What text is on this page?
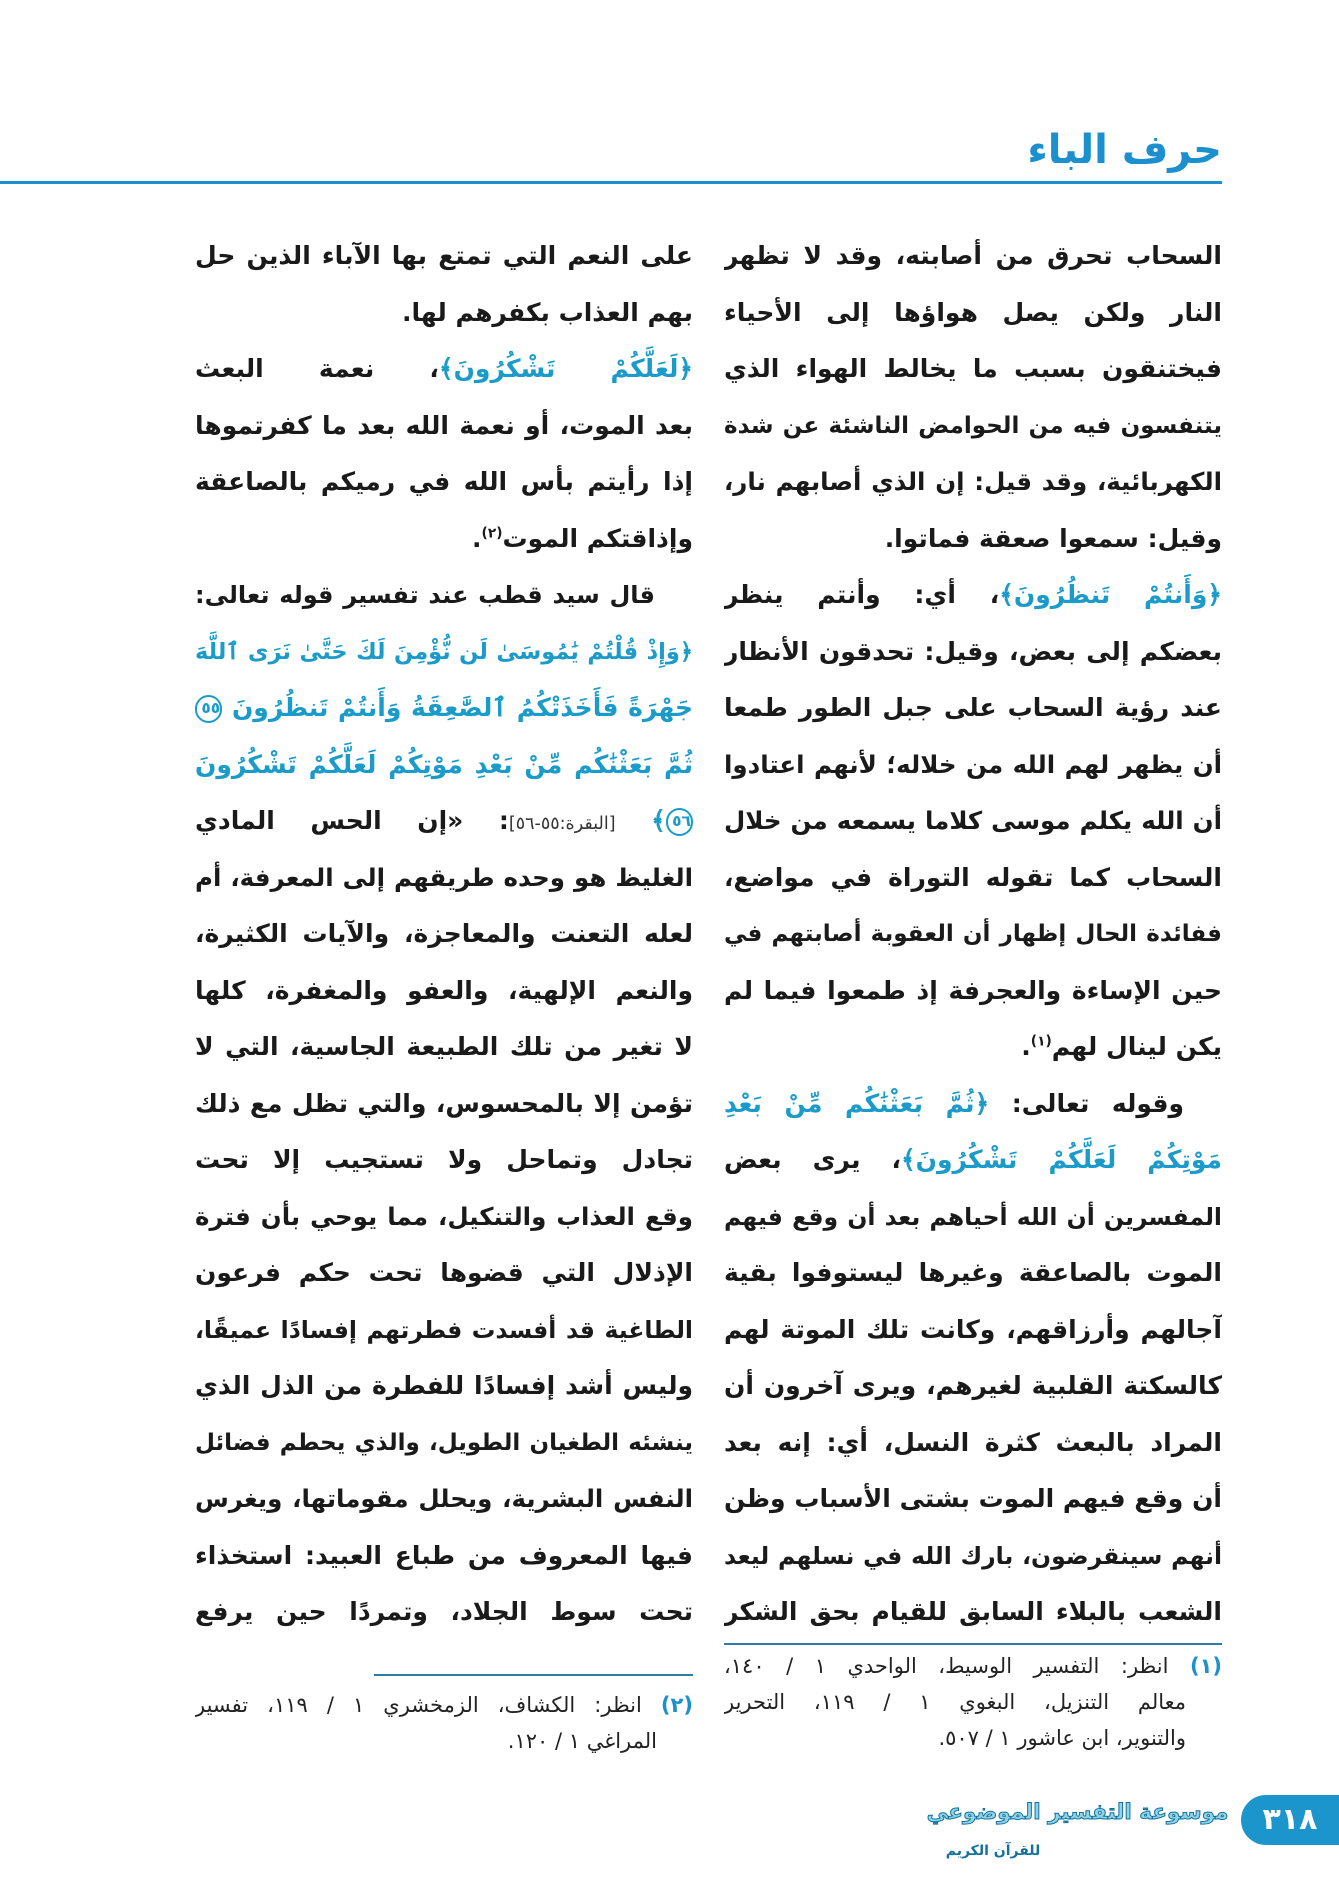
حرف الباء
السحاب تحرق من أصابته، وقد لا تظهر
النار ولكن يصل هواؤها إلى الأحياء
فيختنقون بسبب ما يخالط الهواء الذي
يتنفسون فيه من الحوامض الناشئة عن شدة
الكهربائية، وقد قيل: إن الذي أصابهم نار،
وقيل: سمعوا صعقة فماتوا.
﴿وَأَنتُمْ تَنظُرُونَ﴾، أي: وأنتم ينظر
بعضكم إلى بعض، وقيل: تحدقون الأنظار
عند رؤية السحاب على جبل الطور طمعا
أن يظهر لهم الله من خلاله؛ لأنهم اعتادوا
أن الله يكلم موسى كلاما يسمعه من خلال
السحاب كما تقوله التوراة في مواضع،
ففائدة الحال إظهار أن العقوبة أصابتهم في
حين الإساءة والعجرفة إذ طمعوا فيما لم
يكن لينال لهم$^{(١)}$.
وقوله تعالى: ﴿ثُمَّ بَعَثْنَٰكُم مِّنْ بَعْدِ
مَوْتِكُمْ لَعَلَّكُمْ تَشْكُرُونَ﴾، يرى بعض
المفسرين أن الله أحياهم بعد أن وقع فيهم
الموت بالصاعقة وغيرها ليستوفوا بقية
آجالهم وأرزاقهم، وكانت تلك الموتة لهم
كالسكتة القلبية لغيرهم، ويرى آخرون أن
المراد بالبعث كثرة النسل، أي: إنه بعد
أن وقع فيهم الموت بشتى الأسباب وظن
أنهم سينقرضون، بارك الله في نسلهم ليعد
الشعب بالبلاء السابق للقيام بحق الشكر
على النعم التي تمتع بها الآباء الذين حل
بهم العذاب بكفرهم لها.
﴿لَعَلَّكُمْ تَشْكُرُونَ﴾، نعمة البعث
بعد الموت، أو نعمة الله بعد ما كفرتموها
إذا رأيتم بأس الله في رميكم بالصاعقة
وإذاقتكم الموت$^{(٢)}$.
قال سيد قطب عند تفسير قوله تعالى:
﴿وَإِذْ قُلْتُمْ يَٰمُوسَىٰ لَن نُّؤْمِنَ لَكَ حَتَّىٰ نَرَى ٱللَّهَ
جَهْرَةً فَأَخَذَتْكُمُ ٱلصَّٰعِقَةُ وَأَنتُمْ تَنظُرُونَ ٥٥
ثُمَّ بَعَثْنَٰكُم مِّنْ بَعْدِ مَوْتِكُمْ لَعَلَّكُمْ تَشْكُرُونَ
٥٦﴾ [البقرة:٥٥-٥٦]: «إن الحس المادي
الغليظ هو وحده طريقهم إلى المعرفة، أم
لعله التعنت والمعاجزة، والآيات الكثيرة،
والنعم الإلهية، والعفو والمغفرة، كلها
لا تغير من تلك الطبيعة الجاسية، التي لا
تؤمن إلا بالمحسوس، والتي تظل مع ذلك
تجادل وتماحل ولا تستجيب إلا تحت
وقع العذاب والتنكيل، مما يوحي بأن فترة
الإذلال التي قضوها تحت حكم فرعون
الطاغية قد أفسدت فطرتهم إفسادًا عميقًا،
وليس أشد إفسادًا للفطرة من الذل الذي
ينشئه الطغيان الطويل، والذي يحطم فضائل
النفس البشرية، ويحلل مقوماتها، ويغرس
فيها المعروف من طباع العبيد: استخذاء
تحت سوط الجلاد، وتمردًا حين يرفع
(١) انظر: التفسير الوسيط، الواحدي ١ / ١٤٠،
معالم التنزيل، البغوي ١ / ١١٩، التحرير
والتنوير، ابن عاشور ١ / ٥٠٧.
(٢) انظر: الكشاف، الزمخشري ١ / ١١٩، تفسير
المراغي ١ / ١٢٠.
موسوعة التفسير الموضوعي
للقرآن الكريم
٣١٨
